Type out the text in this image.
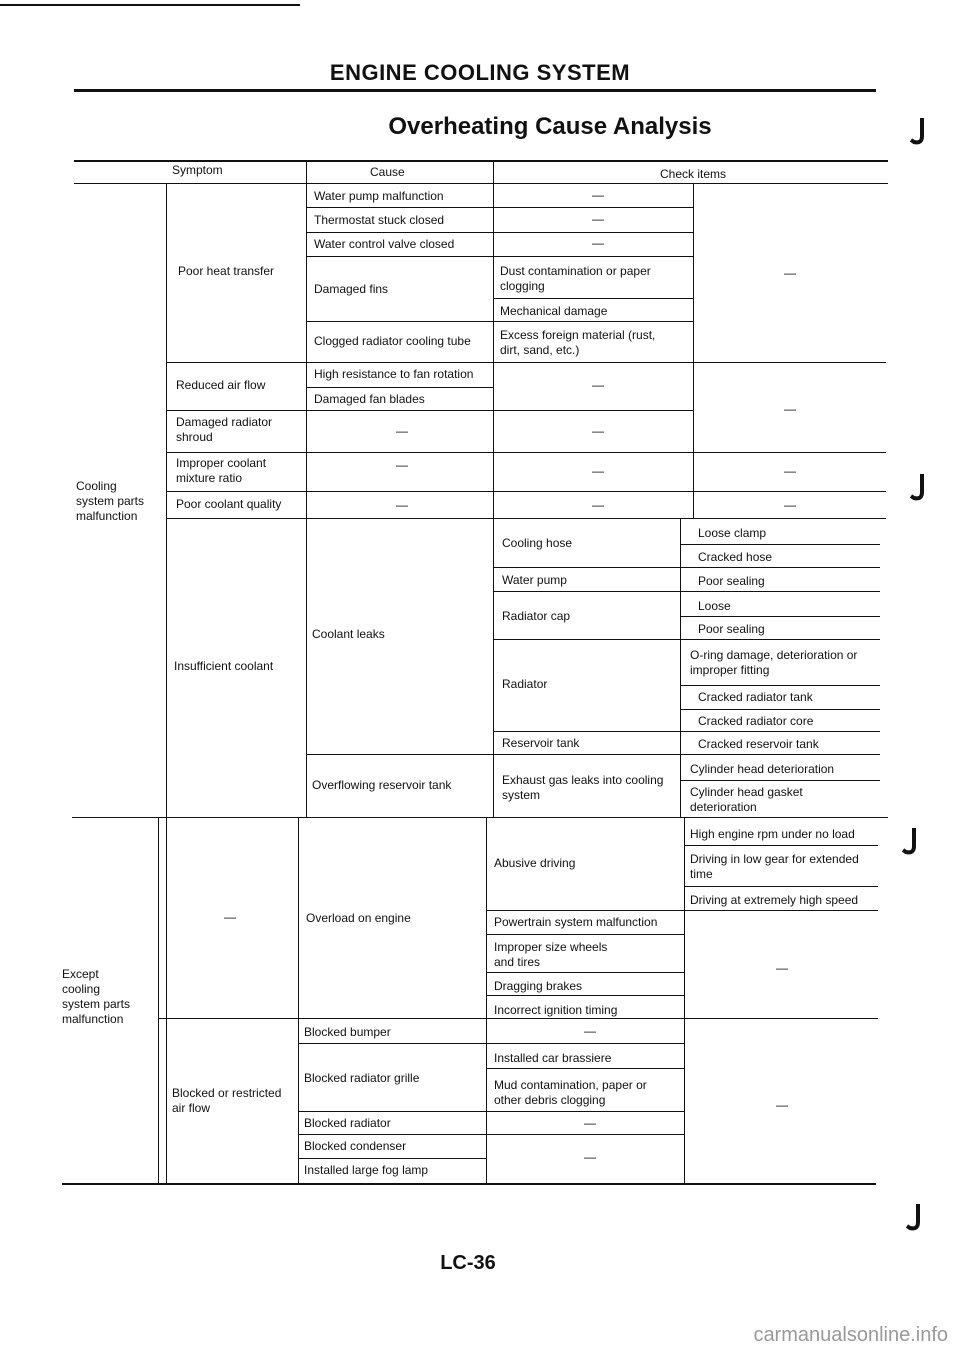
ENGINE COOLING SYSTEM
Overheating Cause Analysis
Symptom	Cause	Check items
Cooling
system parts
malfunction
Except
cooling
system parts
malfunction
Poor heat transfer
Reduced air flow
Damaged radiator
shroud
Improper coolant
mixture ratio
Poor coolant quality
Insufficient coolant
—
Blocked or restricted
air flow
Water pump malfunction
Thermostat stuck closed
Water control valve closed
Damaged fins
Clogged radiator cooling tube
High resistance to fan rotation
Damaged fan blades
—
—
—
Coolant leaks
Overflowing reservoir tank
Overload on engine
Blocked bumper
Blocked radiator grille
Blocked radiator
Blocked condenser
Installed large fog lamp
—
—
—
Dust contamination or paper
clogging
Mechanical damage
Excess foreign material (rust,
dirt, sand, etc.)
—
—
—
—
Cooling hose
Water pump
Radiator cap
Radiator
Reservoir tank
Exhaust gas leaks into cooling
system
Abusive driving
Powertrain system malfunction
Improper size wheels
and tires
Dragging brakes
Incorrect ignition timing
—
Installed car brassiere
Mud contamination, paper or
other debris clogging
—
—
—
—
—
—
Loose clamp
Cracked hose
Poor sealing
Loose
Poor sealing
O-ring damage, deterioration or
improper fitting
Cracked radiator tank
Cracked radiator core
Cracked reservoir tank
Cylinder head deterioration
Cylinder head gasket
deterioration
High engine rpm under no load
Driving in low gear for extended
time
Driving at extremely high speed
—
—
LC-36
carmanualsonline.info
